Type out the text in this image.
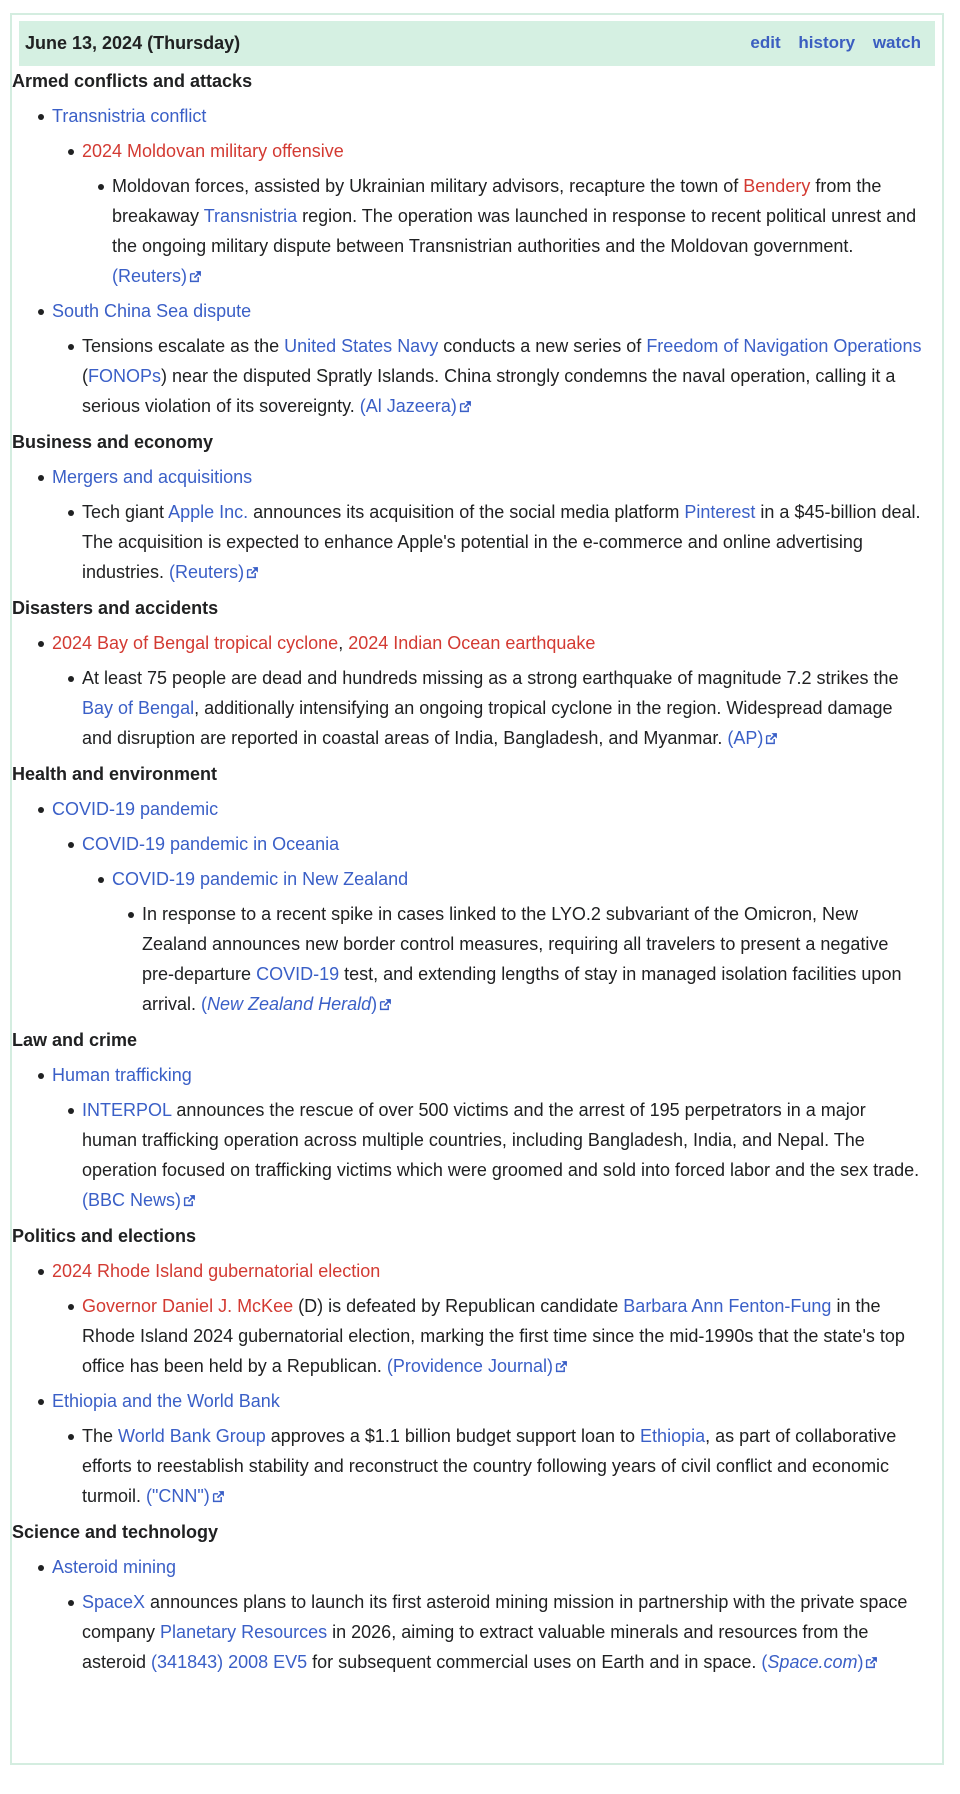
June 13, 2024 (Thursday)	edit history watch
Armed conflicts and attacks
Transnistria conflict
2024 Moldovan military offensive
Moldovan forces, assisted by Ukrainian military advisors, recapture the town of Bendery from the breakaway Transnistria region. The operation was launched in response to recent political unrest and the ongoing military dispute between Transnistrian authorities and the Moldovan government. (Reuters)
South China Sea dispute
Tensions escalate as the United States Navy conducts a new series of Freedom of Navigation Operations (FONOPs) near the disputed Spratly Islands. China strongly condemns the naval operation, calling it a serious violation of its sovereignty. (Al Jazeera)
Business and economy
Mergers and acquisitions
Tech giant Apple Inc. announces its acquisition of the social media platform Pinterest in a $45-billion deal. The acquisition is expected to enhance Apple's potential in the e-commerce and online advertising industries. (Reuters)
Disasters and accidents
2024 Bay of Bengal tropical cyclone, 2024 Indian Ocean earthquake
At least 75 people are dead and hundreds missing as a strong earthquake of magnitude 7.2 strikes the Bay of Bengal, additionally intensifying an ongoing tropical cyclone in the region. Widespread damage and disruption are reported in coastal areas of India, Bangladesh, and Myanmar. (AP)
Health and environment
COVID-19 pandemic
COVID-19 pandemic in Oceania
COVID-19 pandemic in New Zealand
In response to a recent spike in cases linked to the LYO.2 subvariant of the Omicron, New Zealand announces new border control measures, requiring all travelers to present a negative pre-departure COVID-19 test, and extending lengths of stay in managed isolation facilities upon arrival. (New Zealand Herald)
Law and crime
Human trafficking
INTERPOL announces the rescue of over 500 victims and the arrest of 195 perpetrators in a major human trafficking operation across multiple countries, including Bangladesh, India, and Nepal. The operation focused on trafficking victims which were groomed and sold into forced labor and the sex trade. (BBC News)
Politics and elections
2024 Rhode Island gubernatorial election
Governor Daniel J. McKee (D) is defeated by Republican candidate Barbara Ann Fenton-Fung in the Rhode Island 2024 gubernatorial election, marking the first time since the mid-1990s that the state's top office has been held by a Republican. (Providence Journal)
Ethiopia and the World Bank
The World Bank Group approves a $1.1 billion budget support loan to Ethiopia, as part of collaborative efforts to reestablish stability and reconstruct the country following years of civil conflict and economic turmoil. ("CNN")
Science and technology
Asteroid mining
SpaceX announces plans to launch its first asteroid mining mission in partnership with the private space company Planetary Resources in 2026, aiming to extract valuable minerals and resources from the asteroid (341843) 2008 EV5 for subsequent commercial uses on Earth and in space. (Space.com)
